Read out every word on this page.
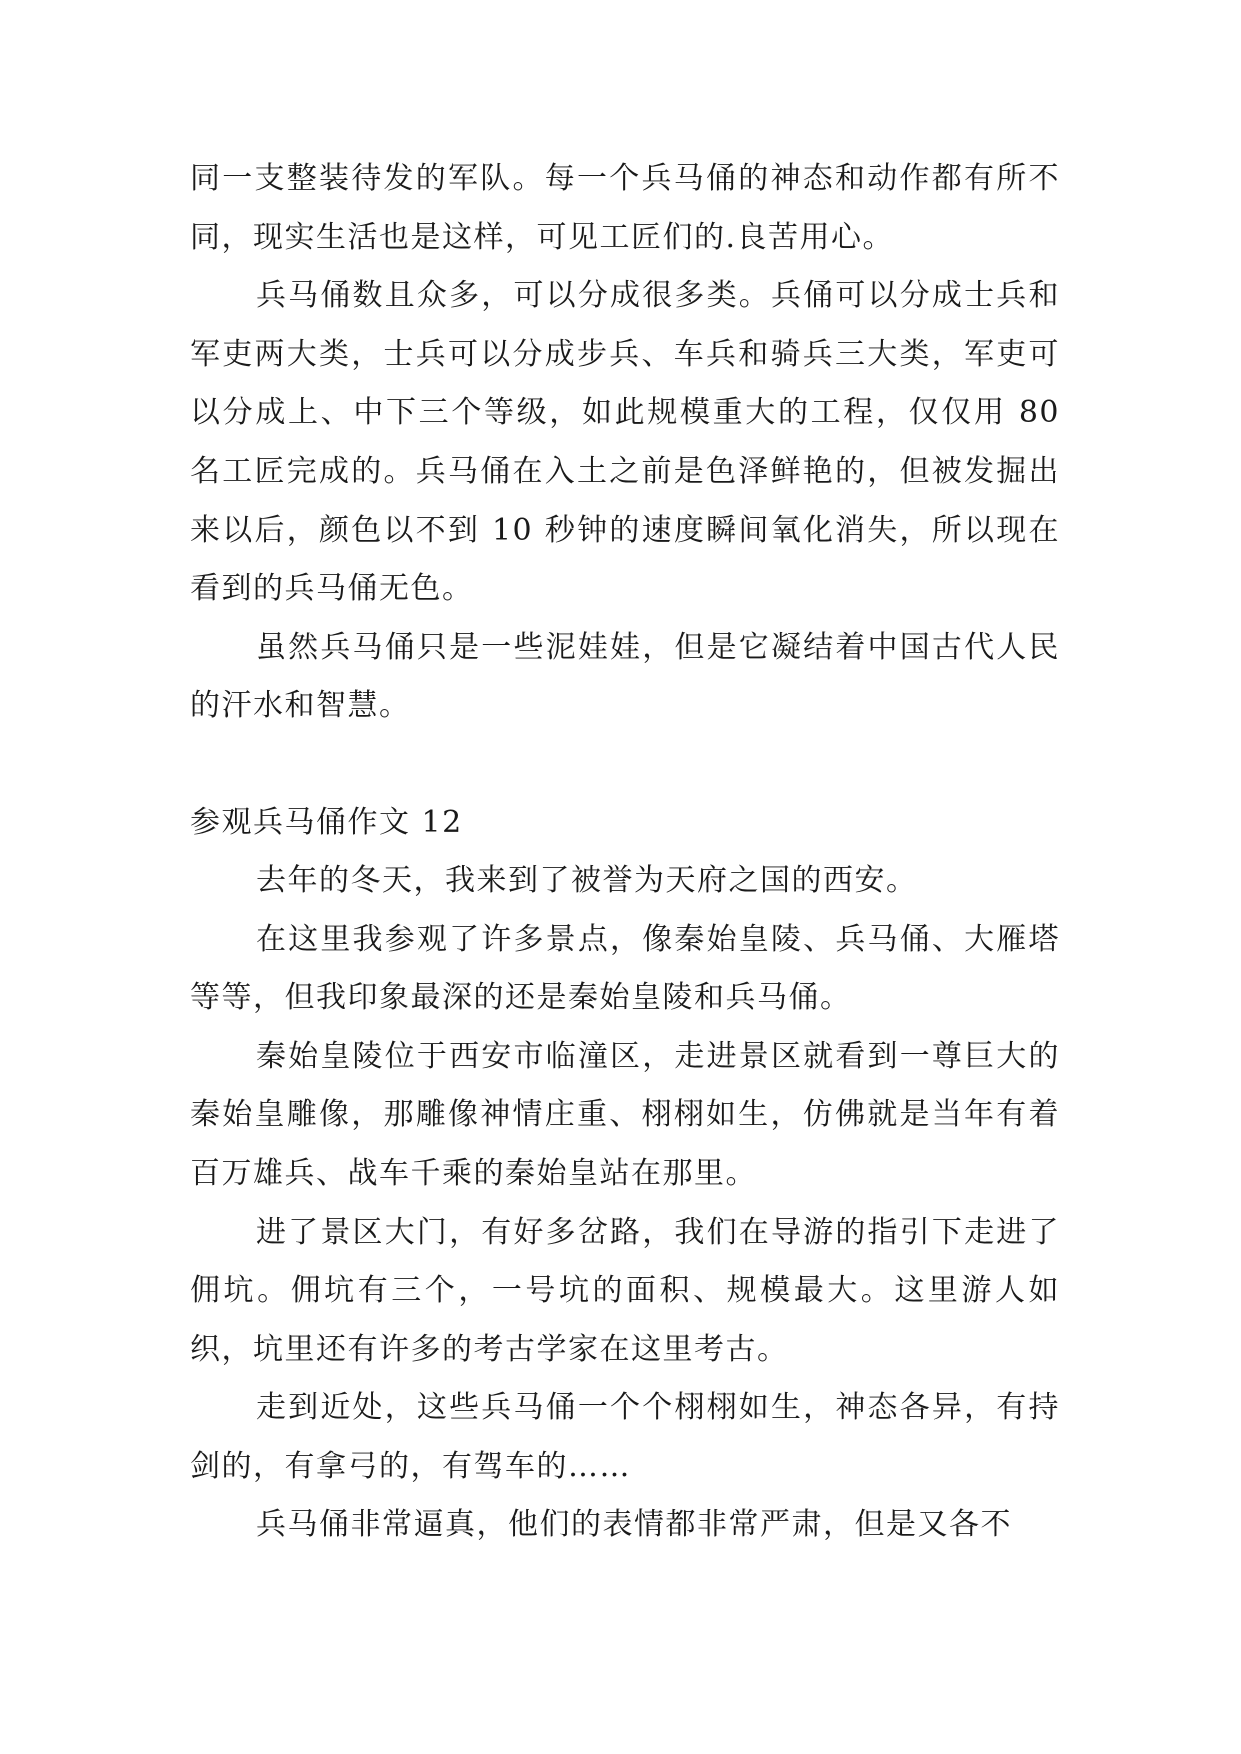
同一支整装待发的军队。每一个兵马俑的神态和动作都有所不同，现实生活也是这样，可见工匠们的.良苦用心。

兵马俑数且众多，可以分成很多类。兵俑可以分成士兵和军吏两大类，士兵可以分成步兵、车兵和骑兵三大类，军吏可以分成上、中下三个等级，如此规模重大的工程，仅仅用 80 名工匠完成的。兵马俑在入土之前是色泽鲜艳的，但被发掘出来以后，颜色以不到 10 秒钟的速度瞬间氧化消失，所以现在看到的兵马俑无色。

虽然兵马俑只是一些泥娃娃，但是它凝结着中国古代人民的汗水和智慧。

参观兵马俑作文 12

去年的冬天，我来到了被誉为天府之国的西安。

在这里我参观了许多景点，像秦始皇陵、兵马俑、大雁塔等等，但我印象最深的还是秦始皇陵和兵马俑。

秦始皇陵位于西安市临潼区，走进景区就看到一尊巨大的秦始皇雕像，那雕像神情庄重、栩栩如生，仿佛就是当年有着百万雄兵、战车千乘的秦始皇站在那里。

进了景区大门，有好多岔路，我们在导游的指引下走进了佣坑。佣坑有三个，一号坑的面积、规模最大。这里游人如织，坑里还有许多的考古学家在这里考古。

走到近处，这些兵马俑一个个栩栩如生，神态各异，有持剑的，有拿弓的，有驾车的……

兵马俑非常逼真，他们的表情都非常严肃，但是又各不
